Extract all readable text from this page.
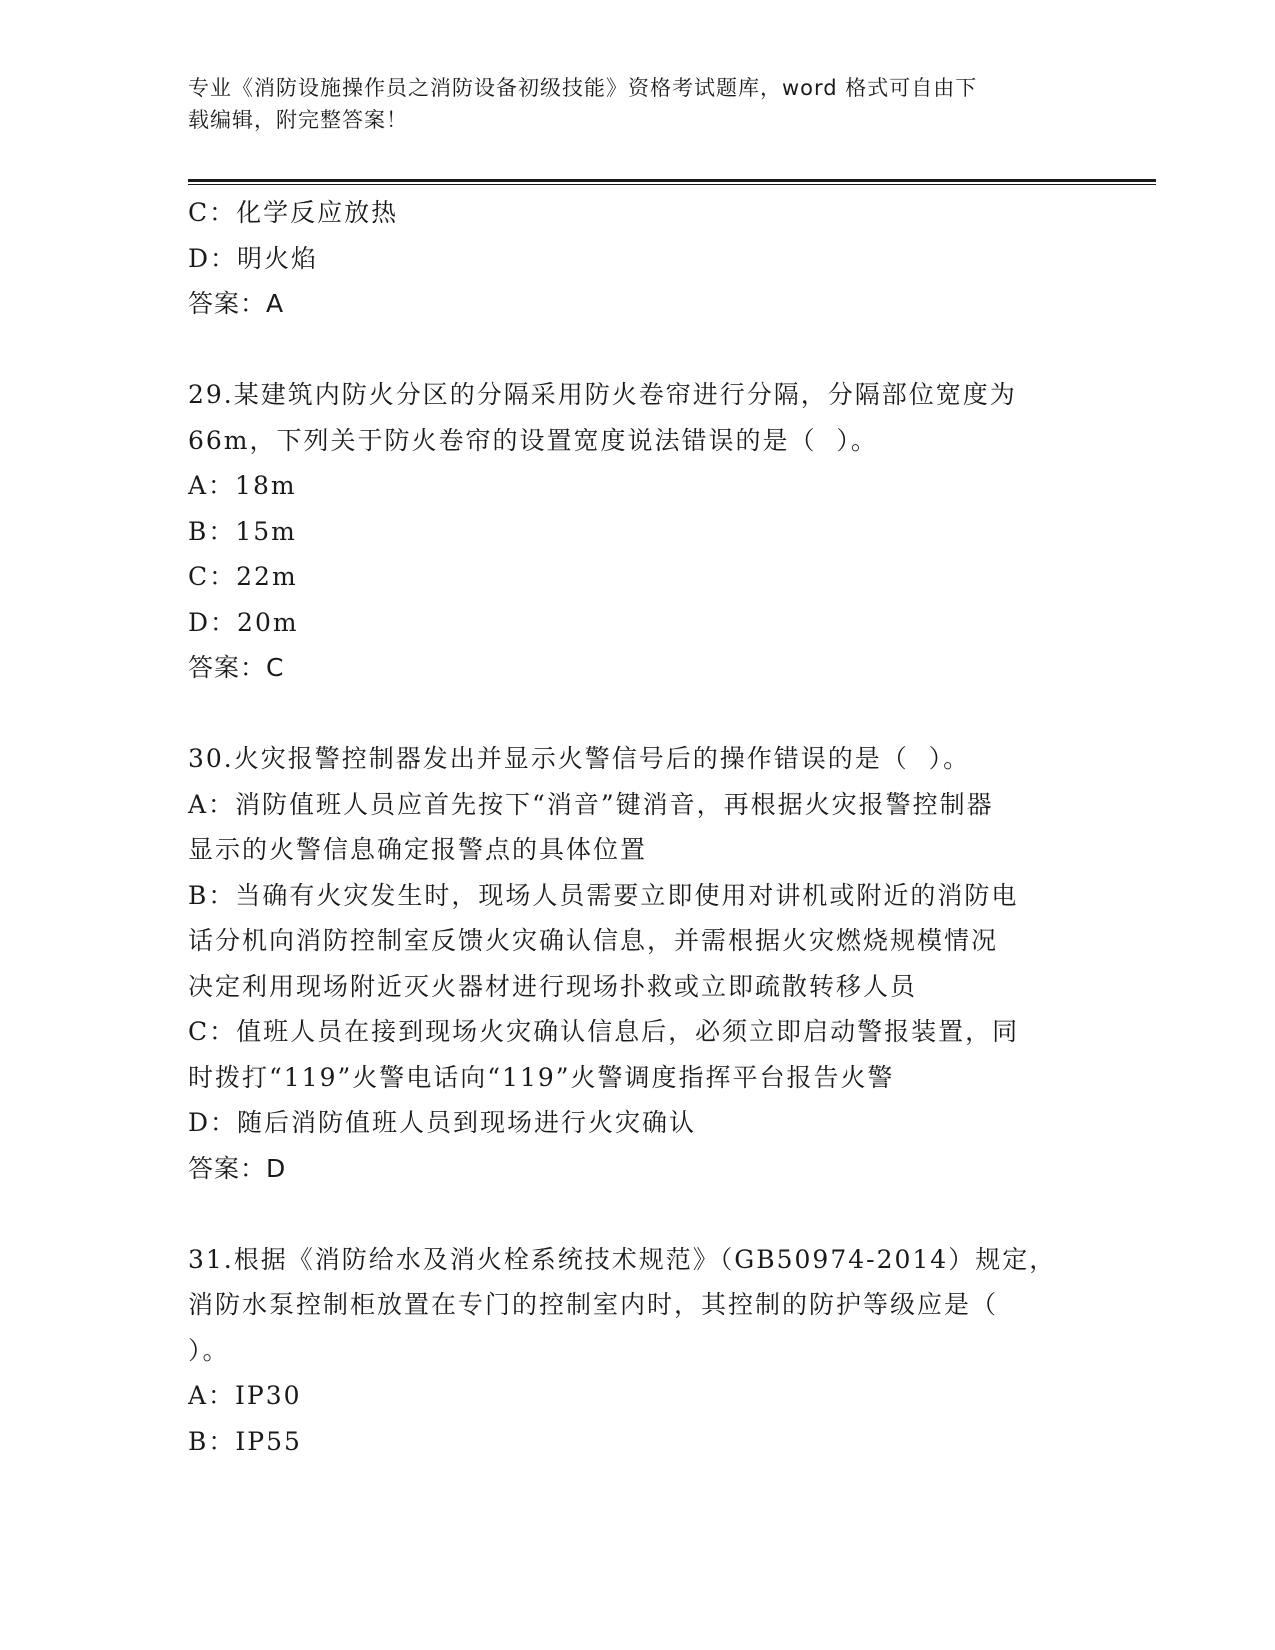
专业《消防设施操作员之消防设备初级技能》资格考试题库，word 格式可自由下
载编辑，附完整答案！
C：化学反应放热
D：明火焰
答案：A
29.某建筑内防火分区的分隔采用防火卷帘进行分隔，分隔部位宽度为
66m，下列关于防火卷帘的设置宽度说法错误的是（  ）。
A：18m
B：15m
C：22m
D：20m
答案：C
30.火灾报警控制器发出并显示火警信号后的操作错误的是（  ）。
A：消防值班人员应首先按下“消音”键消音，再根据火灾报警控制器
显示的火警信息确定报警点的具体位置
B：当确有火灾发生时，现场人员需要立即使用对讲机或附近的消防电
话分机向消防控制室反馈火灾确认信息，并需根据火灾燃烧规模情况
决定利用现场附近灭火器材进行现场扑救或立即疏散转移人员
C：值班人员在接到现场火灾确认信息后，必须立即启动警报装置，同
时拨打“119”火警电话向“119”火警调度指挥平台报告火警
D：随后消防值班人员到现场进行火灾确认
答案：D
31.根据《消防给水及消火栓系统技术规范》（GB50974-2014）规定，
消防水泵控制柜放置在专门的控制室内时，其控制的防护等级应是（
）。
A：IP30
B：IP55
